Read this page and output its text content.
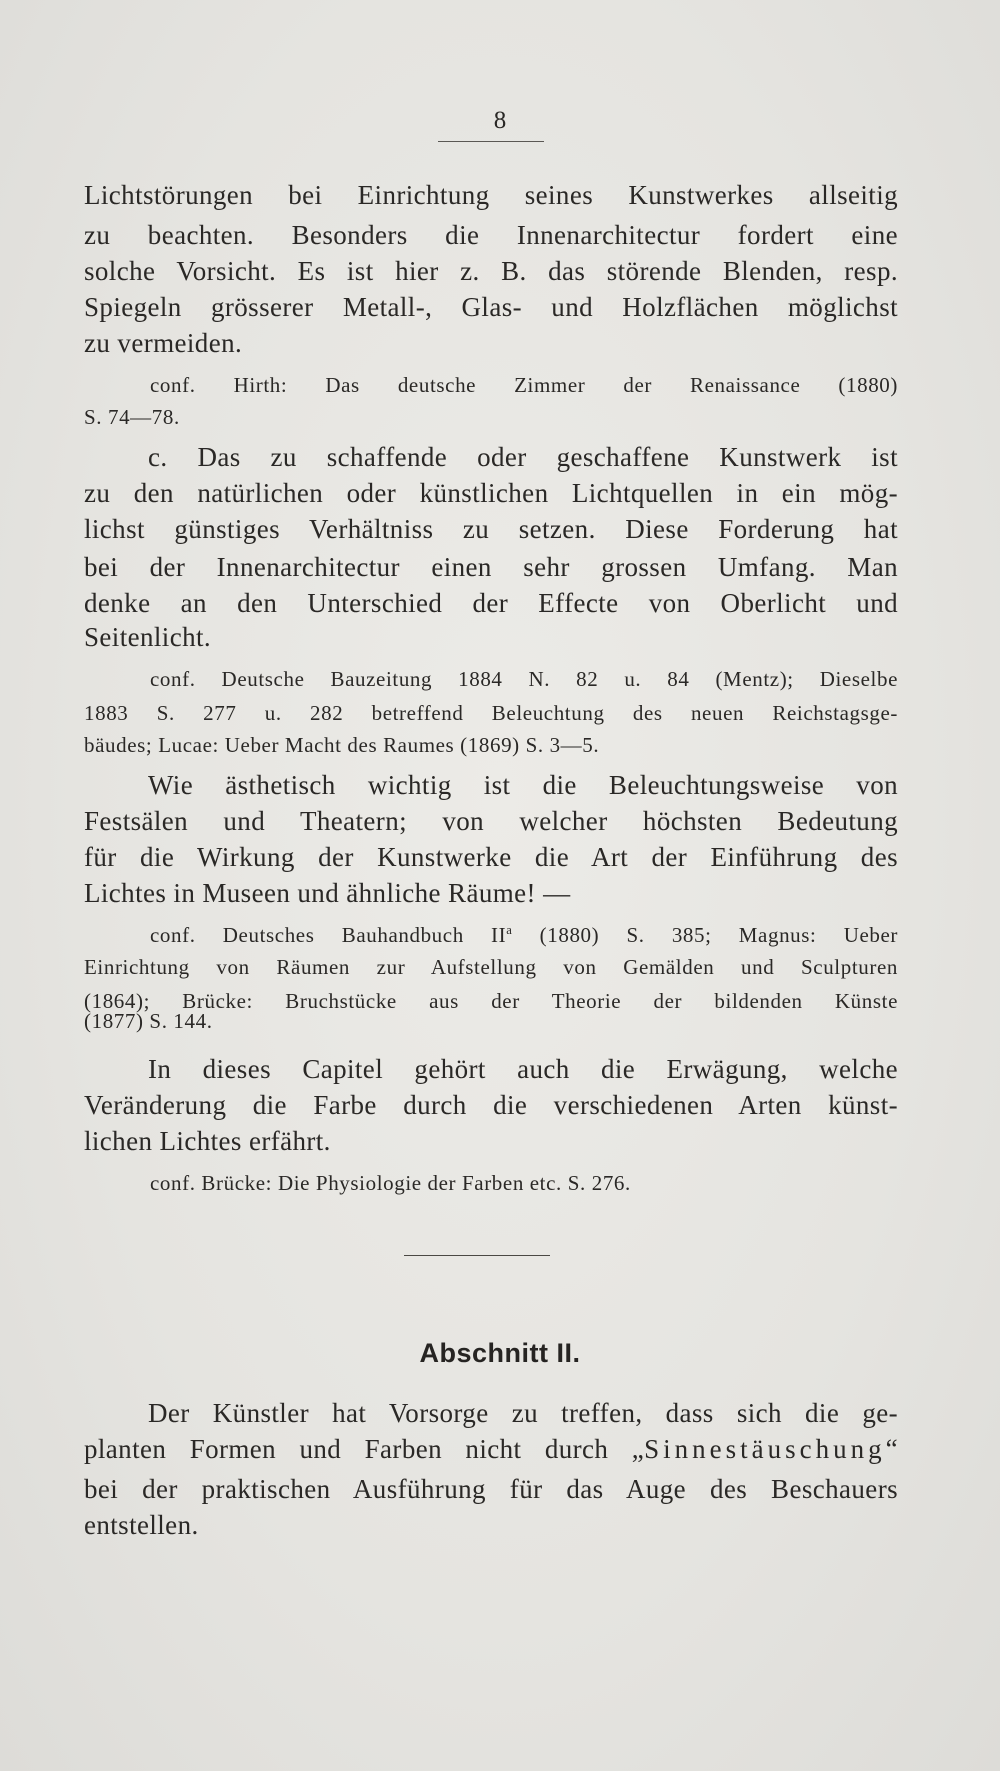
8
Lichtstörungen bei Einrichtung seines Kunstwerkes allseitig
zu beachten. Besonders die Innenarchitectur fordert eine
solche Vorsicht. Es ist hier z. B. das störende Blenden, resp.
Spiegeln grösserer Metall-, Glas- und Holzflächen möglichst
zu vermeiden.
conf. Hirth: Das deutsche Zimmer der Renaissance (1880)
S. 74—78.
c. Das zu schaffende oder geschaffene Kunstwerk ist
zu den natürlichen oder künstlichen Lichtquellen in ein mög-
lichst günstiges Verhältniss zu setzen. Diese Forderung hat
bei der Innenarchitectur einen sehr grossen Umfang. Man
denke an den Unterschied der Effecte von Oberlicht und
Seitenlicht.
conf. Deutsche Bauzeitung 1884 N. 82 u. 84 (Mentz); Dieselbe
1883 S. 277 u. 282 betreffend Beleuchtung des neuen Reichstagsge-
bäudes; Lucae: Ueber Macht des Raumes (1869) S. 3—5.
Wie ästhetisch wichtig ist die Beleuchtungsweise von
Festsälen und Theatern; von welcher höchsten Bedeutung
für die Wirkung der Kunstwerke die Art der Einführung des
Lichtes in Museen und ähnliche Räume! —
conf. Deutsches Bauhandbuch $II^a$ (1880) S. 385; Magnus: Ueber
Einrichtung von Räumen zur Aufstellung von Gemälden und Sculpturen
(1864); Brücke: Bruchstücke aus der Theorie der bildenden Künste
(1877) S. 144.
In dieses Capitel gehört auch die Erwägung, welche
Veränderung die Farbe durch die verschiedenen Arten künst-
lichen Lichtes erfährt.
conf. Brücke: Die Physiologie der Farben etc. S. 276.
Abschnitt II.
Der Künstler hat Vorsorge zu treffen, dass sich die ge-
planten Formen und Farben nicht durch „Sinnestäuschung“
bei der praktischen Ausführung für das Auge des Beschauers
entstellen.
